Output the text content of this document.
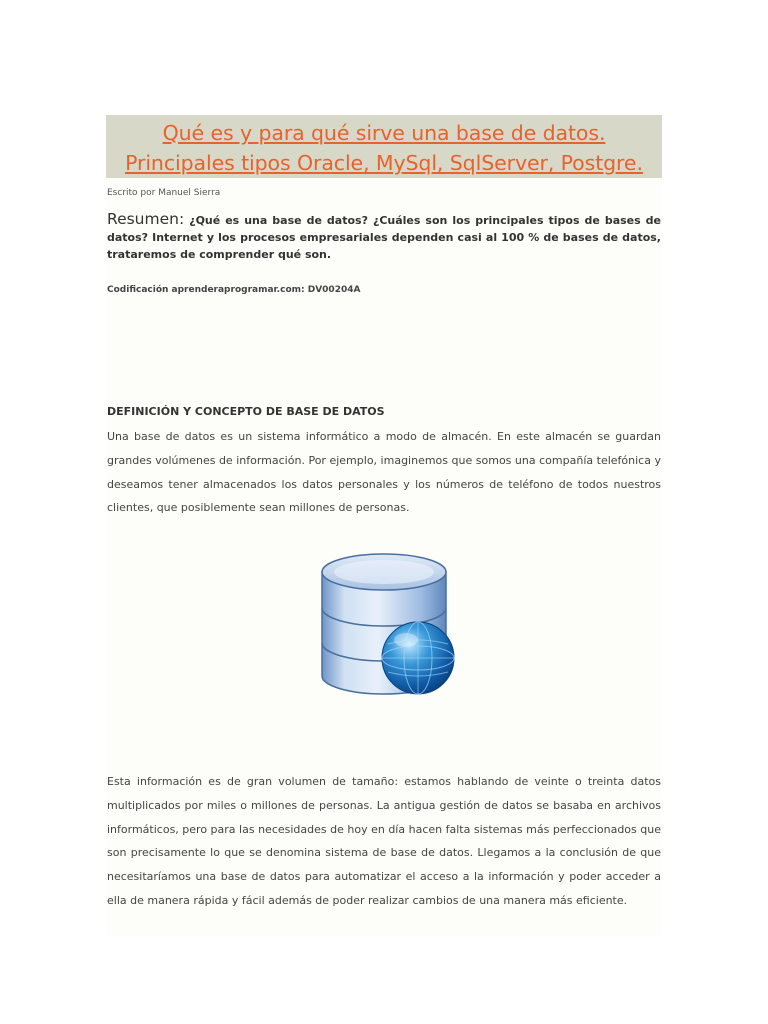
Qué es y para qué sirve una base de datos.
Principales tipos Oracle, MySql, SqlServer, Postgre.
Escrito por Manuel Sierra
Resumen: ¿Qué es una base de datos? ¿Cuáles son los principales tipos de bases de datos? Internet y los procesos empresariales dependen casi al 100 % de bases de datos, trataremos de comprender qué son.
Codificación aprenderaprogramar.com: DV00204A
DEFINICIÓN Y CONCEPTO DE BASE DE DATOS

Una base de datos es un sistema informático a modo de almacén. En este almacén se guardan grandes volúmenes de información. Por ejemplo, imaginemos que somos una compañía telefónica y deseamos tener almacenados los datos personales y los números de teléfono de todos nuestros clientes, que posiblemente sean millones de personas.

Esta información es de gran volumen de tamaño: estamos hablando de veinte o treinta datos multiplicados por miles o millones de personas. La antigua gestión de datos se basaba en archivos informáticos, pero para las necesidades de hoy en día hacen falta sistemas más perfeccionados que son precisamente lo que se denomina sistema de base de datos. Llegamos a la conclusión de que necesitaríamos una base de datos para automatizar el acceso a la información y poder acceder a ella de manera rápida y fácil además de poder realizar cambios de una manera más eficiente.
